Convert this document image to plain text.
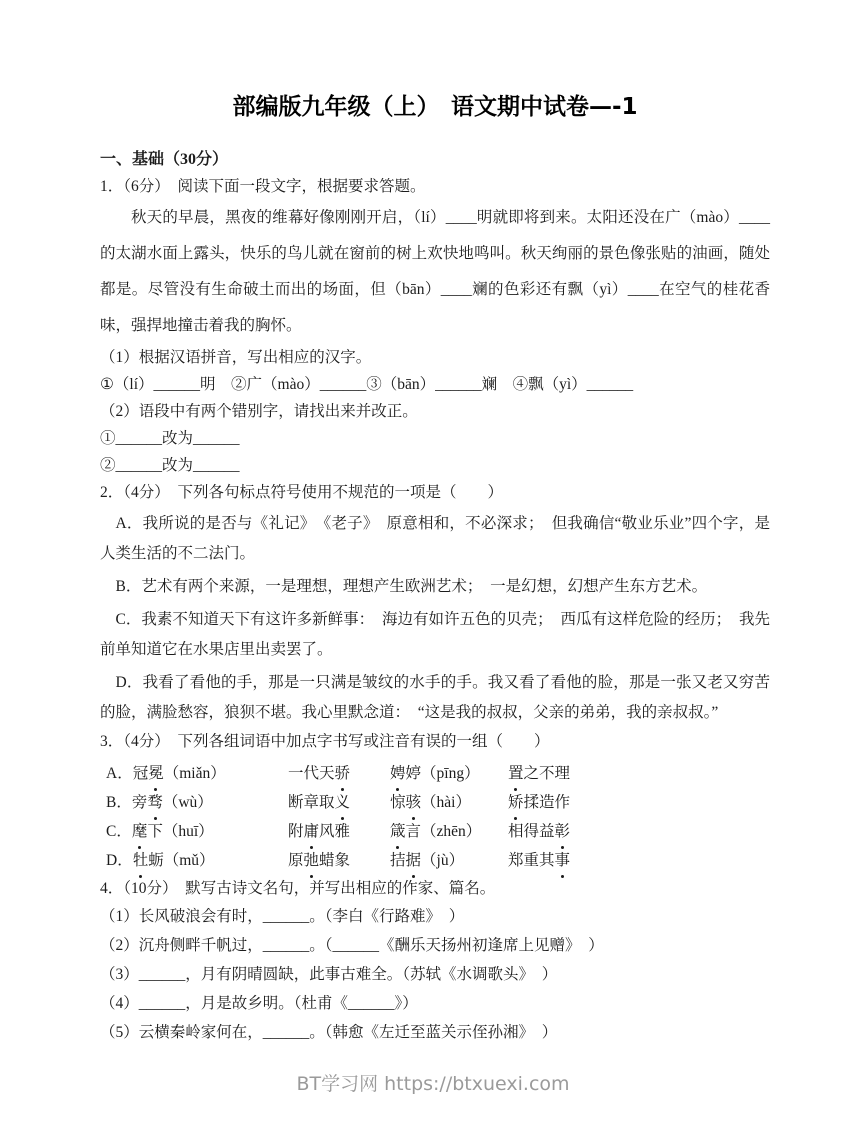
部编版九年级（上）　语文期中试卷—-1
一、基础（30分）
1．（6分）　阅读下面一段文字，根据要求答题。

秋天的早晨，黑夜的维幕好像刚刚开启，（lí）____明就即将到来。太阳还没在广（mào）____的太湖水面上露头，快乐的鸟儿就在窗前的树上欢快地鸣叫。秋天绚丽的景色像张贴的油画，随处都是。尽管没有生命破土而出的场面，但（bān）____斓的色彩还有飘（yì）____在空气的桂花香味，强捍地撞击着我的胸怀。

（1）根据汉语拼音，写出相应的汉字。
①（lí）______明　②广（mào）______③（bān）______斓　④飘（yì）______
（2）语段中有两个错别字，请找出来并改正。
①______改为______
②______改为______
2．（4分）　下列各句标点符号使用不规范的一项是（　　）

A．我所说的是否与《礼记》　《老子》　原意相和，不必深求；　但我确信“敬业乐业”四个字，是人类生活的不二法门。

B．艺术有两个来源，一是理想，理想产生欧洲艺术；　一是幻想，幻想产生东方艺术。

C．我素不知道天下有这许多新鲜事：　海边有如许五色的贝壳；　西瓜有这样危险的经历；　我先前单知道它在水果店里出卖罢了。

D．我看了看他的手，那是一只满是皱纹的水手的手。我又看了看他的脸，那是一张又老又穷苦的脸，满脸愁容，狼狈不堪。我心里默念道：　“这是我的叔叔，父亲的弟弟，我的亲叔叔。”

3．（4分）　下列各组词语中加点字书写或注音有误的一组（　　）
A．冠冕（miǎn）	一代天骄	娉婷（pīng）	置之不理
B．旁骛（wù）	断章取义	惊骇（hài）	矫揉造作
C．麾下（huī）	附庸风雅	箴言（zhēn）	相得益彰
D．牡蛎（mǔ）	原弛蜡象	拮据（jù）	郑重其事
4．（10分）　默写古诗文名句，并写出相应的作家、篇名。
（1）长风破浪会有时，______。（李白《行路难》　）
（2）沉舟侧畔千帆过，______。（______《酬乐天扬州初逢席上见赠》　）
（3）______，月有阴晴圆缺，此事古难全。（苏轼《水调歌头》　）
（4）______，月是故乡明。（杜甫《______》）
（5）云横秦岭家何在，______。（韩愈《左迁至蓝关示侄孙湘》　）
BT学习网 https://btxuexi.com
